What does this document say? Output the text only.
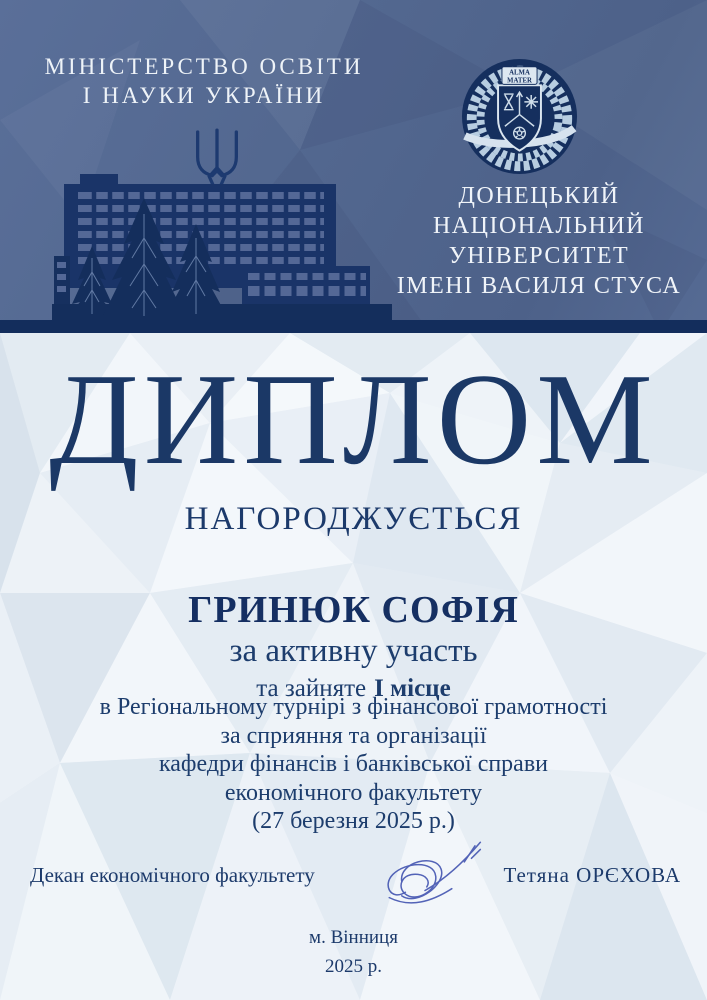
МІНІСТЕРСТВО ОСВІТИ
І НАУКИ УКРАЇНИ
ALMA
MATER
ДОНЕЦЬКИЙ
НАЦІОНАЛЬНИЙ
УНІВЕРСИТЕТ
ІМЕНІ ВАСИЛЯ СТУСА
ДИПЛОМ
НАГОРОДЖУЄТЬСЯ
ГРИНЮК СОФІЯ
за активну участь
та зайняте І місце
в Регіональному турнірі з фінансової грамотності
за сприяння та організації
кафедри фінансів і банківської справи
економічного факультету
(27 березня 2025 р.)
Декан економічного факультету	Тетяна ОРЄХОВА
м. Вінниця
2025 р.
